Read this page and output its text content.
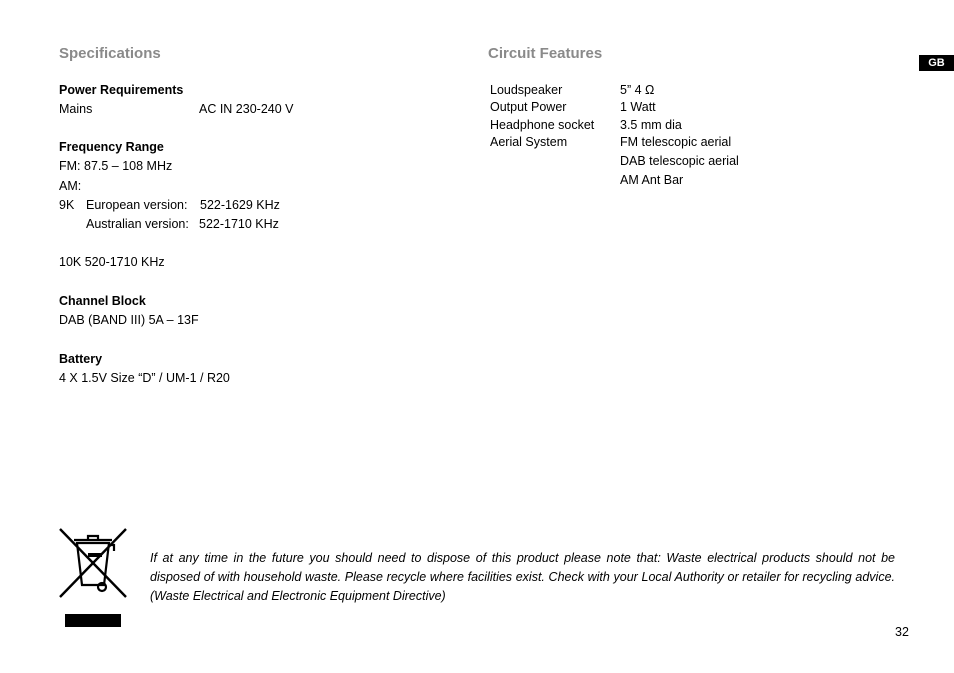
Specifications
Power Requirements
Mains	AC IN 230-240 V
Frequency Range
FM: 87.5 – 108 MHz
AM:
9K European version: 522-1629 KHz
Australian version: 522-1710 KHz
10K 520-1710 KHz
Channel Block
DAB (BAND III) 5A – 13F
Battery
4 X 1.5V Size “D” / UM-1 / R20
Circuit Features
Loudspeaker	5” 4 Ω
Output Power	1 Watt
Headphone socket 3.5 mm dia
Aerial System	FM telescopic aerial
DAB telescopic aerial
AM Ant Bar
GB
If at any time in the future you should need to dispose of this product please note that: Waste electrical products should not be disposed of with household waste. Please recycle where facilities exist. Check with your Local Authority or retailer for recycling advice. (Waste Electrical and Electronic Equipment Directive)
32
